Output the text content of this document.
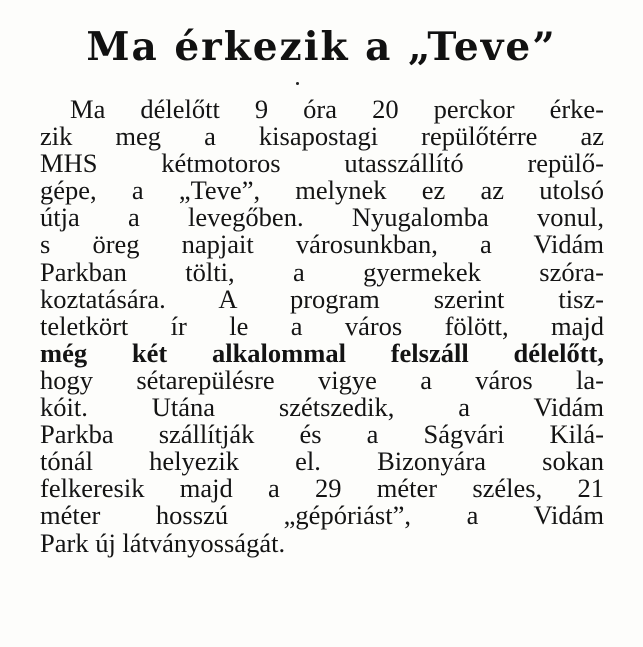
Ma érkezik a „Teve”
Ma délelőtt 9 óra 20 perckor érke-
zik meg a kisapostagi repülőtérre az
MHS kétmotoros utasszállító repülő-
gépe, a „Teve”, melynek ez az utolsó
útja a levegőben. Nyugalomba vonul,
s öreg napjait városunkban, a Vidám
Parkban tölti, a gyermekek szóra-
koztatására. A program szerint tisz-
teletkört ír le a város fölött, majd
még két alkalommal felszáll délelőtt,
hogy sétarepülésre vigye a város la-
kóit. Utána szétszedik, a Vidám
Parkba szállítják és a Ságvári Kilá-
tónál helyezik el. Bizonyára sokan
felkeresik majd a 29 méter széles, 21
méter hosszú „gépóriást”, a Vidám
Park új látványosságát.
